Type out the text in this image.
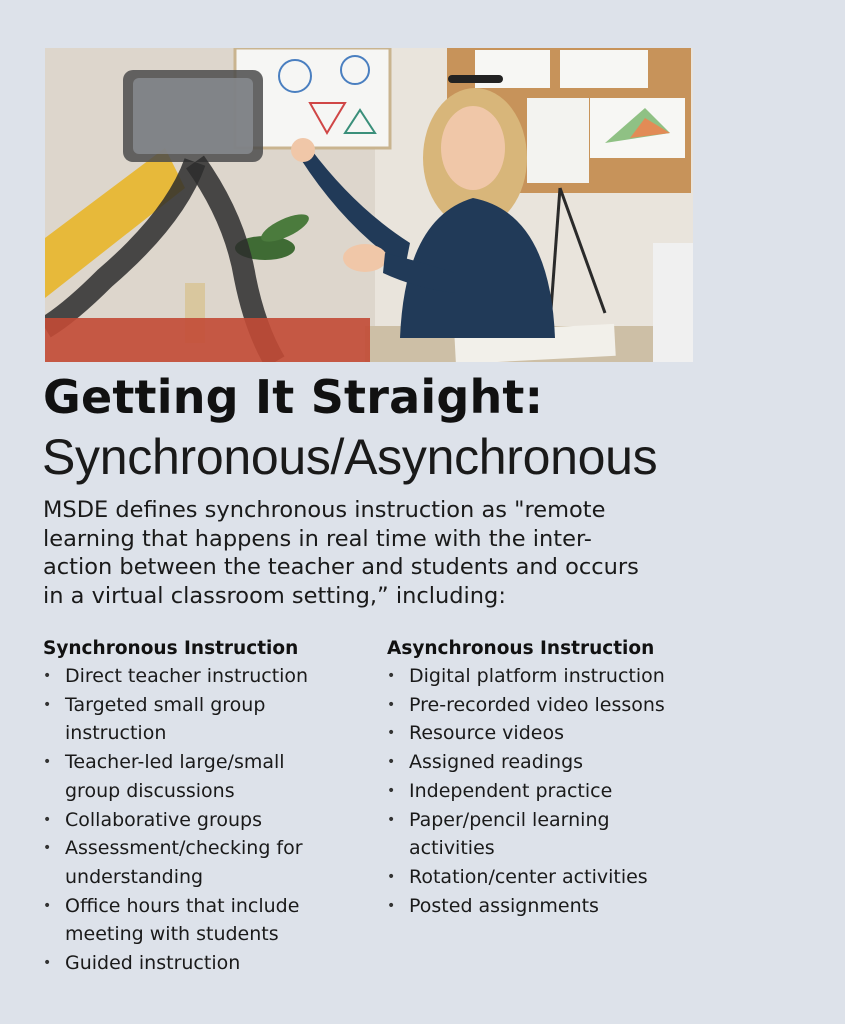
Getting It Straight:
Synchronous/Asynchronous
MSDE defines synchronous instruction as "remote
learning that happens in real time with the inter-
action between the teacher and students and occurs
in a virtual classroom setting,” including:
Synchronous Instruction
• Direct teacher instruction
• Targeted small group
instruction
• Teacher-led large/small
group discussions
• Collaborative groups
• Assessment/checking for
understanding
• Office hours that include
meeting with students
• Guided instruction
Asynchronous Instruction
• Digital platform instruction
• Pre-recorded video lessons
• Resource videos
• Assigned readings
• Independent practice
• Paper/pencil learning
activities
• Rotation/center activities
• Posted assignments
